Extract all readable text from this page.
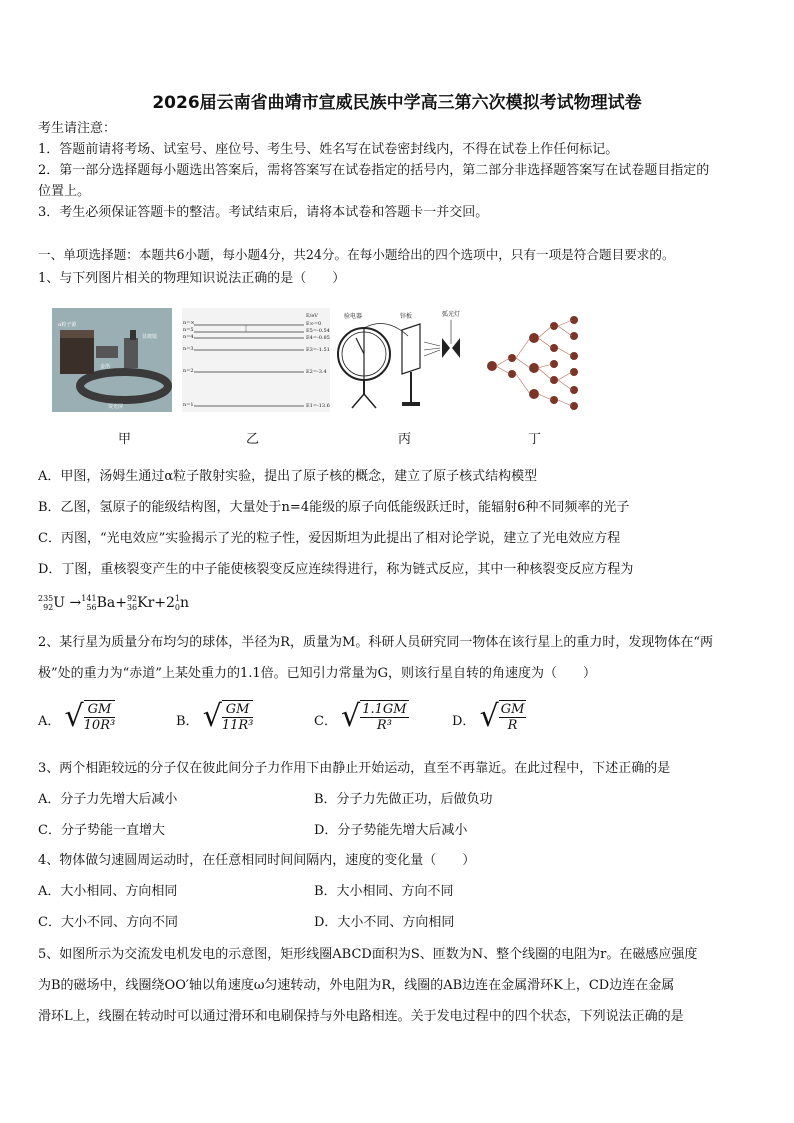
2026届云南省曲靖市宣威民族中学高三第六次模拟考试物理试卷
考生请注意：
1．答题前请将考场、试室号、座位号、考生号、姓名写在试卷密封线内，不得在试卷上作任何标记。
2．第一部分选择题每小题选出答案后，需将答案写在试卷指定的括号内，第二部分非选择题答案写在试卷题目指定的
位置上。
3．考生必须保证答题卡的整洁。考试结束后，请将本试卷和答题卡一并交回。
一、单项选择题：本题共6小题，每小题4分，共24分。在每小题给出的四个选项中，只有一项是符合题目要求的。
1、与下列图片相关的物理知识说法正确的是（　　）
α粒子源
金箔
显微镜
荧光屏
E/eV
n=∞
n=5
n=4
n=3
n=2
n=1
E∞=0
E5=-0.54
E4=-0.85
E3=-1.51
E2=-3.4
E1=-13.6
验电器	锌板	弧光灯
甲	乙	丙	丁
A．甲图，汤姆生通过α粒子散射实验，提出了原子核的概念，建立了原子核式结构模型
B．乙图，氢原子的能级结构图，大量处于n=4能级的原子向低能级跃迁时，能辐射6种不同频率的光子
C．丙图，“光电效应”实验揭示了光的粒子性，爱因斯坦为此提出了相对论学说，建立了光电效应方程
D．丁图，重核裂变产生的中子能使核裂变反应连续得进行，称为链式反应，其中一种核裂变反应方程为
235
92 U → 141
56 Ba+ 92
36 Kr+2 1
0 n
2、某行星为质量分布均匀的球体，半径为R，质量为M。科研人员研究同一物体在该行星上的重力时，发现物体在“两
极”处的重力为“赤道”上某处重力的1.1倍。已知引力常量为G，则该行星自转的角速度为（　　）
A． √ $\frac{GM}{\text{10R³}}$	B． √ $\frac{GM}{\text{11R³}}$	C． √ $\frac{1.1GM}{\text{R³}}$	D． √ $\frac{GM}{R}$
3、两个相距较远的分子仅在彼此间分子力作用下由静止开始运动，直至不再靠近。在此过程中，下述正确的是
A．分子力先增大后减小	B．分子力先做正功，后做负功
C．分子势能一直增大	D．分子势能先增大后减小
4、物体做匀速圆周运动时，在任意相同时间间隔内，速度的变化量（　　）
A．大小相同、方向相同	B．大小相同、方向不同
C．大小不同、方向不同	D．大小不同、方向相同
5、如图所示为交流发电机发电的示意图，矩形线圈ABCD面积为S、匝数为N、整个线圈的电阻为r。在磁感应强度
为B的磁场中，线圈绕OO′轴以角速度ω匀速转动，外电阻为R，线圈的AB边连在金属滑环K上，CD边连在金属
滑环L上，线圈在转动时可以通过滑环和电刷保持与外电路相连。关于发电过程中的四个状态，下列说法正确的是
